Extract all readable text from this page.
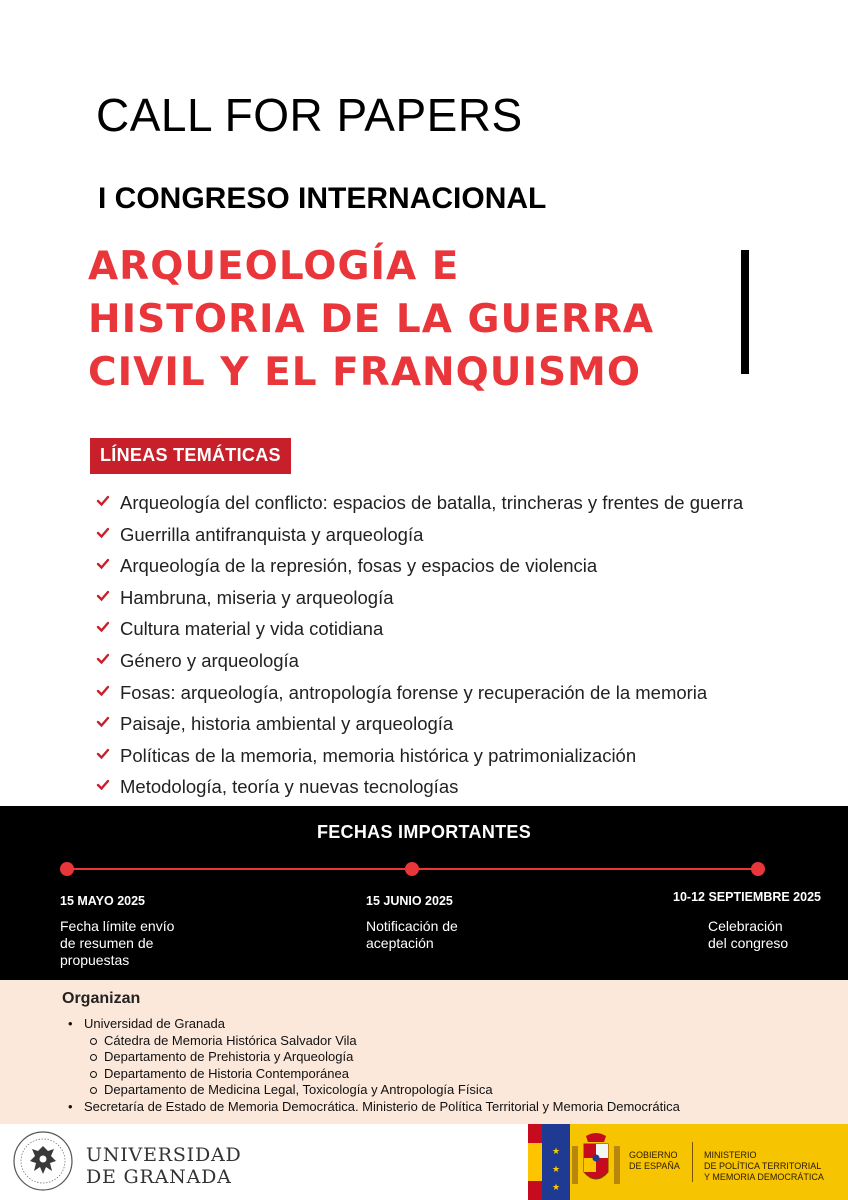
CALL FOR PAPERS
I CONGRESO INTERNACIONAL
ARQUEOLOGÍA E
HISTORIA DE LA GUERRA
CIVIL Y EL FRANQUISMO
LÍNEAS TEMÁTICAS
Arqueología del conflicto: espacios de batalla, trincheras y frentes de guerra
Guerrilla antifranquista y arqueología
Arqueología de la represión, fosas y espacios de violencia
Hambruna, miseria y arqueología
Cultura material y vida cotidiana
Género y arqueología
Fosas: arqueología, antropología forense y recuperación de la memoria
Paisaje, historia ambiental y arqueología
Políticas de la memoria, memoria histórica y patrimonialización
Metodología, teoría y nuevas tecnologías
FECHAS IMPORTANTES
15 MAYO 2025
Fecha límite envío
de resumen de
propuestas
15 JUNIO 2025
Notificación de
aceptación
10-12 SEPTIEMBRE 2025
Celebración
del congreso
Organizan
• Universidad de Granada
Cátedra de Memoria Histórica Salvador Vila
Departamento de Prehistoria y Arqueología
Departamento de Historia Contemporánea
Departamento de Medicina Legal, Toxicología y Antropología Física
• Secretaría de Estado de Memoria Democrática. Ministerio de Política Territorial y Memoria Democrática
UNIVERSIDAD
DE GRANADA
★
★
★
GOBIERNO
DE ESPAÑA
MINISTERIO
DE POLÍTICA TERRITORIAL
Y MEMORIA DEMOCRÁTICA
